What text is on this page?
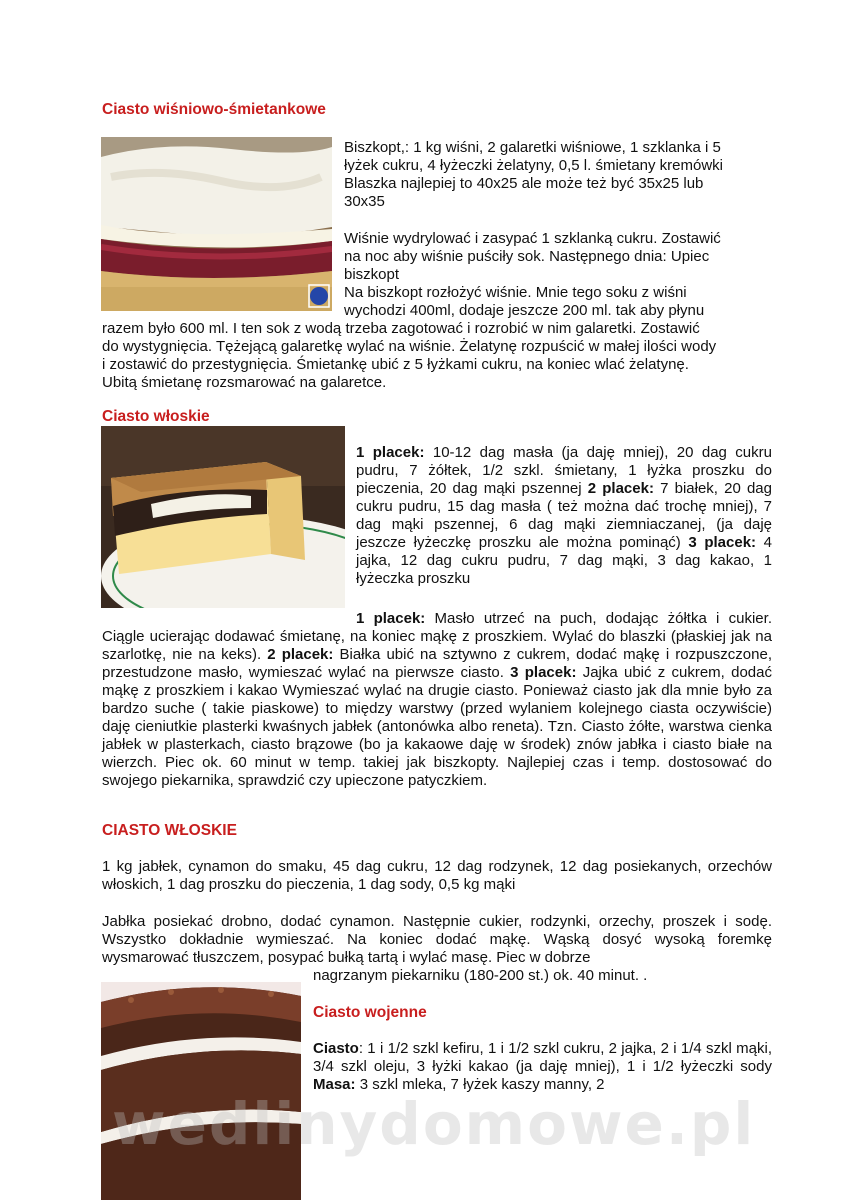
Ciasto wiśniowo-śmietankowe
Biszkopt,: 1 kg wiśni, 2 galaretki wiśniowe, 1 szklanka i 5
łyżek cukru, 4 łyżeczki żelatyny, 0,5 l. śmietany kremówki
Blaszka najlepiej to 40x25 ale może też być 35x25 lub
30x35
Wiśnie wydrylować i zasypać 1 szklanką cukru. Zostawić
na noc aby wiśnie puściły sok. Następnego dnia: Upiec
biszkopt
Na biszkopt rozłożyć wiśnie. Mnie tego soku z wiśni
wychodzi 400ml, dodaje jeszcze 200 ml. tak aby płynu
razem było 600 ml. I ten sok z wodą trzeba zagotować i rozrobić w nim galaretki. Zostawić
do wystygnięcia. Tężejącą galaretkę wylać na wiśnie. Żelatynę rozpuścić w małej ilości wody
i zostawić do przestygnięcia. Śmietankę ubić z 5 łyżkami cukru, na koniec wlać żelatynę.
Ubitą śmietanę rozsmarować na galaretce.
Ciasto włoskie
1 placek: 10-12 dag masła (ja daję mniej), 20 dag cukru pudru, 7 żółtek, 1/2 szkl. śmietany, 1 łyżka proszku do pieczenia, 20 dag mąki pszennej 2 placek: 7 białek, 20 dag cukru pudru, 15 dag masła ( też można dać trochę mniej), 7 dag mąki pszennej, 6 dag mąki ziemniaczanej, (ja daję jeszcze łyżeczkę proszku ale można pominąć) 3 placek: 4 jajka, 12 dag cukru pudru, 7 dag mąki, 3 dag kakao, 1 łyżeczka proszku
1 placek: Masło utrzeć na puch, dodając żółtka i cukier. Ciągle ucierając dodawać śmietanę, na koniec mąkę z proszkiem. Wylać do blaszki (płaskiej jak na szarlotkę, nie na keks). 2 placek: Białka ubić na sztywno z cukrem, dodać mąkę i rozpuszczone, przestudzone masło, wymieszać wylać na pierwsze ciasto. 3 placek: Jajka ubić z cukrem, dodać mąkę z proszkiem i kakao Wymieszać wylać na drugie ciasto. Ponieważ ciasto jak dla mnie było za bardzo suche ( takie piaskowe) to między warstwy (przed wylaniem kolejnego ciasta oczywiście) daję cieniutkie plasterki kwaśnych jabłek (antonówka albo reneta). Tzn. Ciasto żółte, warstwa cienka jabłek w plasterkach, ciasto brązowe (bo ja kakaowe daję w środek) znów jabłka i ciasto białe na wierzch. Piec ok. 60 minut w temp. takiej jak biszkopty. Najlepiej czas i temp. dostosować do swojego piekarnika, sprawdzić czy upieczone patyczkiem.
CIASTO WŁOSKIE
1 kg jabłek, cynamon do smaku, 45 dag cukru, 12 dag rodzynek, 12 dag posiekanych, orzechów włoskich, 1 dag proszku do pieczenia, 1 dag sody, 0,5 kg mąki
Jabłka posiekać drobno, dodać cynamon. Następnie cukier, rodzynki, orzechy, proszek i sodę. Wszystko dokładnie wymieszać. Na koniec dodać mąkę. Wąską dosyć wysoką foremkę wysmarować tłuszczem, posypać bułką tartą i wylać masę. Piec w dobrze
nagrzanym piekarniku (180-200 st.) ok. 40 minut. .
Ciasto wojenne
Ciasto: 1 i 1/2 szkl kefiru, 1 i 1/2 szkl cukru, 2 jajka, 2 i 1/4 szkl mąki, 3/4 szkl oleju, 3 łyżki kakao (ja daję mniej), 1 i 1/2 łyżeczki sody Masa: 3 szkl mleka, 7 łyżek kaszy manny, 2
wedlinydomowe.pl
